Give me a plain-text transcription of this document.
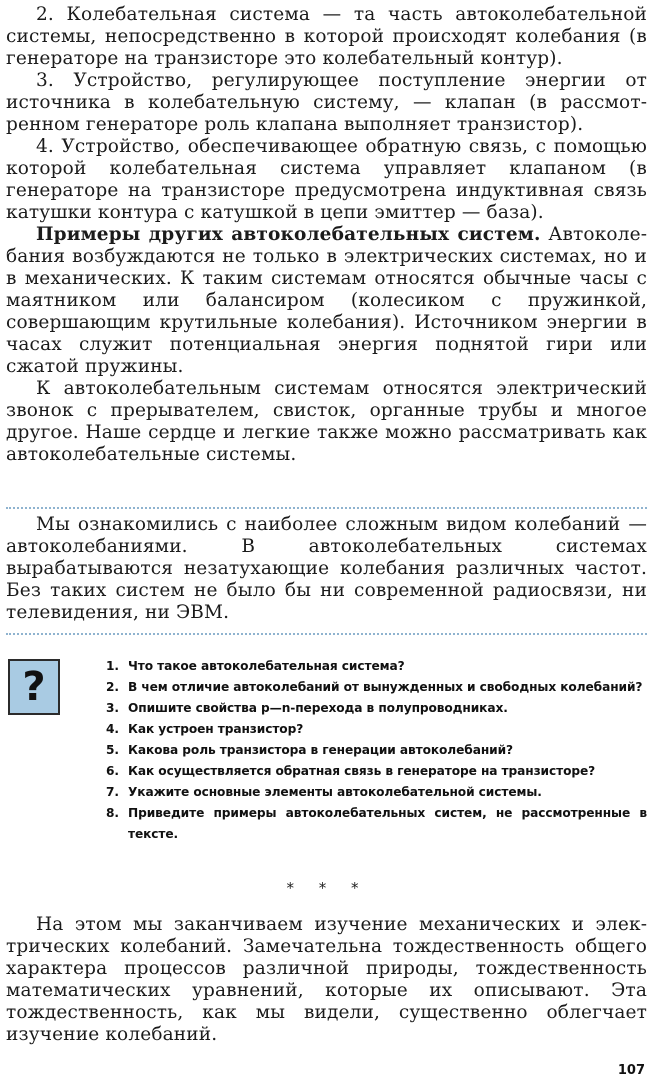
2. Колебательная система — та часть автоколебательной системы, непосредственно в которой происходят колебания (в генераторе на транзисторе это колебательный контур).

3. Устройство, регулирующее поступление энергии от источника в колебательную систему, — клапан (в рассмотренном генераторе роль клапана выполняет транзистор).

4. Устройство, обеспечивающее обратную связь, с помощью которой колебательная система управляет клапаном (в генераторе на транзисторе предусмотрена индуктивная связь катушки контура с катушкой в цепи эмиттер — база).

Примеры других автоколебательных систем. Автоколебания возбуждаются не только в электрических системах, но и в механических. К таким системам относятся обычные часы с маятником или балансиром (колесиком с пружинкой, совершающим крутильные колебания). Источником энергии в часах служит потенциальная энергия поднятой гири или сжатой пружины.

К автоколебательным системам относятся электрический звонок с прерывателем, свисток, органные трубы и многое другое. Наше сердце и легкие также можно рассматривать как автоколебательные системы.

Мы ознакомились с наиболее сложным видом колебаний — автоколебаниями. В автоколебательных системах вырабатываются незатухающие колебания различных частот. Без таких систем не было бы ни современной радиосвязи, ни телевидения, ни ЭВМ.

?	1. Что такое автоколебательная система?
2. В чем отличие автоколебаний от вынужденных и свободных колебаний?
3. Опишите свойства p—n-перехода в полупроводниках.
4. Как устроен транзистор?
5. Какова роль транзистора в генерации автоколебаний?
6. Как осуществляется обратная связь в генераторе на транзисторе?
7. Укажите основные элементы автоколебательной системы.
8. Приведите примеры автоколебательных систем, не рассмотренные в тексте.
* * *

На этом мы заканчиваем изучение механических и электрических колебаний. Замечательна тождественность общего характера процессов различной природы, тождественность математических уравнений, которые их описывают. Эта тождественность, как мы видели, существенно облегчает изучение колебаний.

107
